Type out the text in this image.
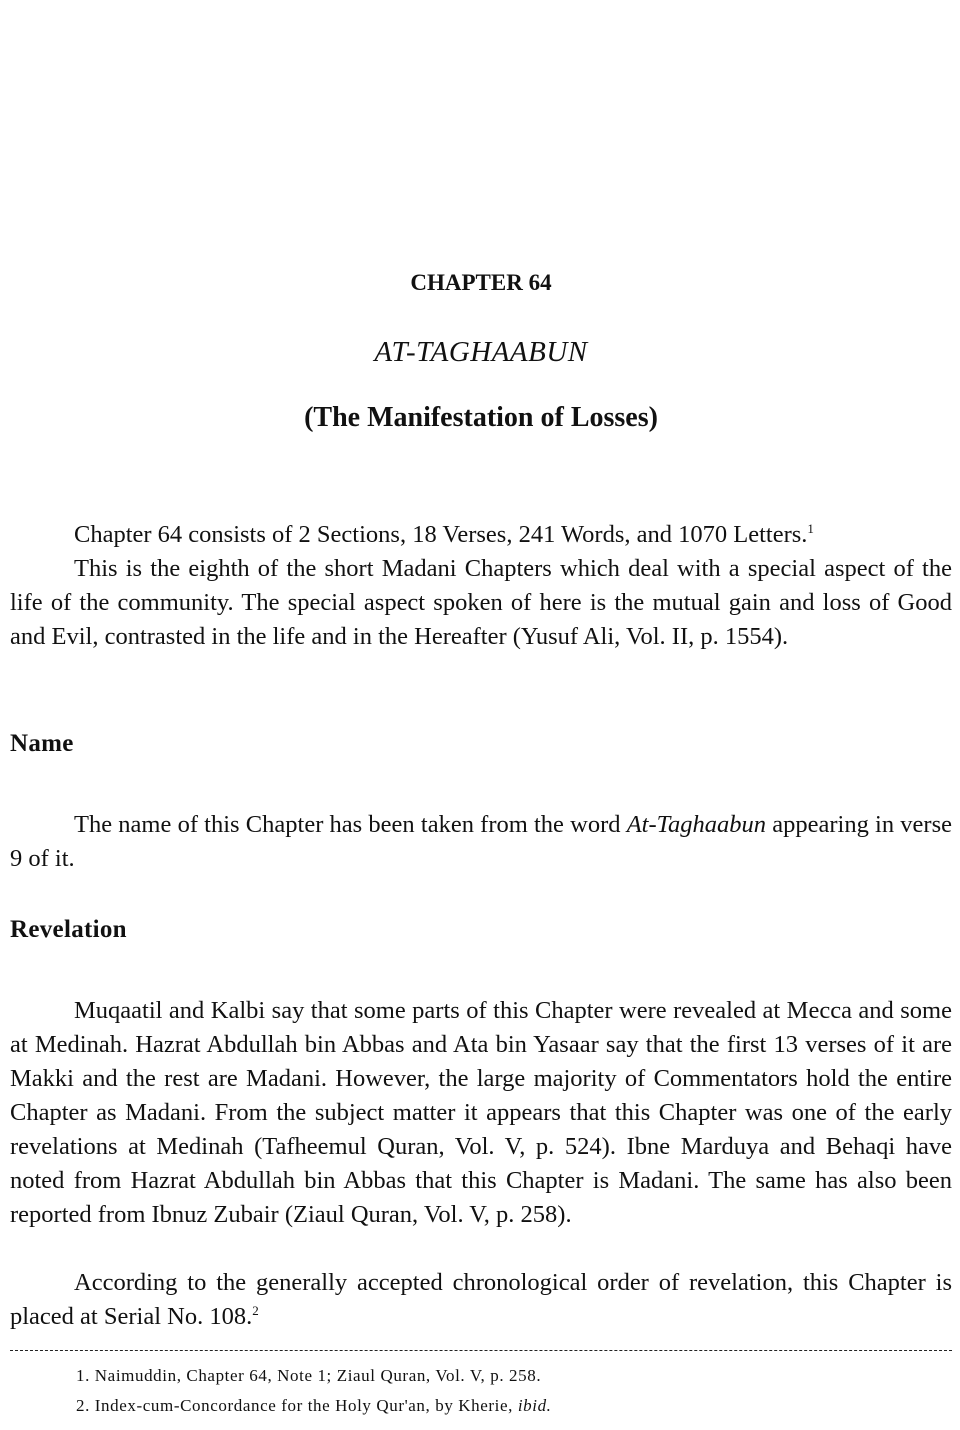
CHAPTER 64
AT-TAGHAABUN
(The Manifestation of Losses)

Chapter 64 consists of 2 Sections, 18 Verses, 241 Words, and 1070 Letters.$^1$

This is the eighth of the short Madani Chapters which deal with a special aspect of the life of the community. The special aspect spoken of here is the mutual gain and loss of Good and Evil, contrasted in the life and in the Hereafter (Yusuf Ali, Vol. II, p. 1554).

Name

The name of this Chapter has been taken from the word At-Taghaabun appearing in verse 9 of it.

Revelation

Muqaatil and Kalbi say that some parts of this Chapter were revealed at Mecca and some at Medinah. Hazrat Abdullah bin Abbas and Ata bin Yasaar say that the first 13 verses of it are Makki and the rest are Madani. However, the large majority of Commentators hold the entire Chapter as Madani. From the subject matter it appears that this Chapter was one of the early revelations at Medinah (Tafheemul Quran, Vol. V, p. 524). Ibne Marduya and Behaqi have noted from Hazrat Abdullah bin Abbas that this Chapter is Madani. The same has also been reported from Ibnuz Zubair (Ziaul Quran, Vol. V, p. 258).

According to the generally accepted chronological order of revelation, this Chapter is placed at Serial No. 108.$^2$

1. Naimuddin, Chapter 64, Note 1; Ziaul Quran, Vol. V, p. 258.

2. Index-cum-Concordance for the Holy Qur'an, by Kherie, ibid.
